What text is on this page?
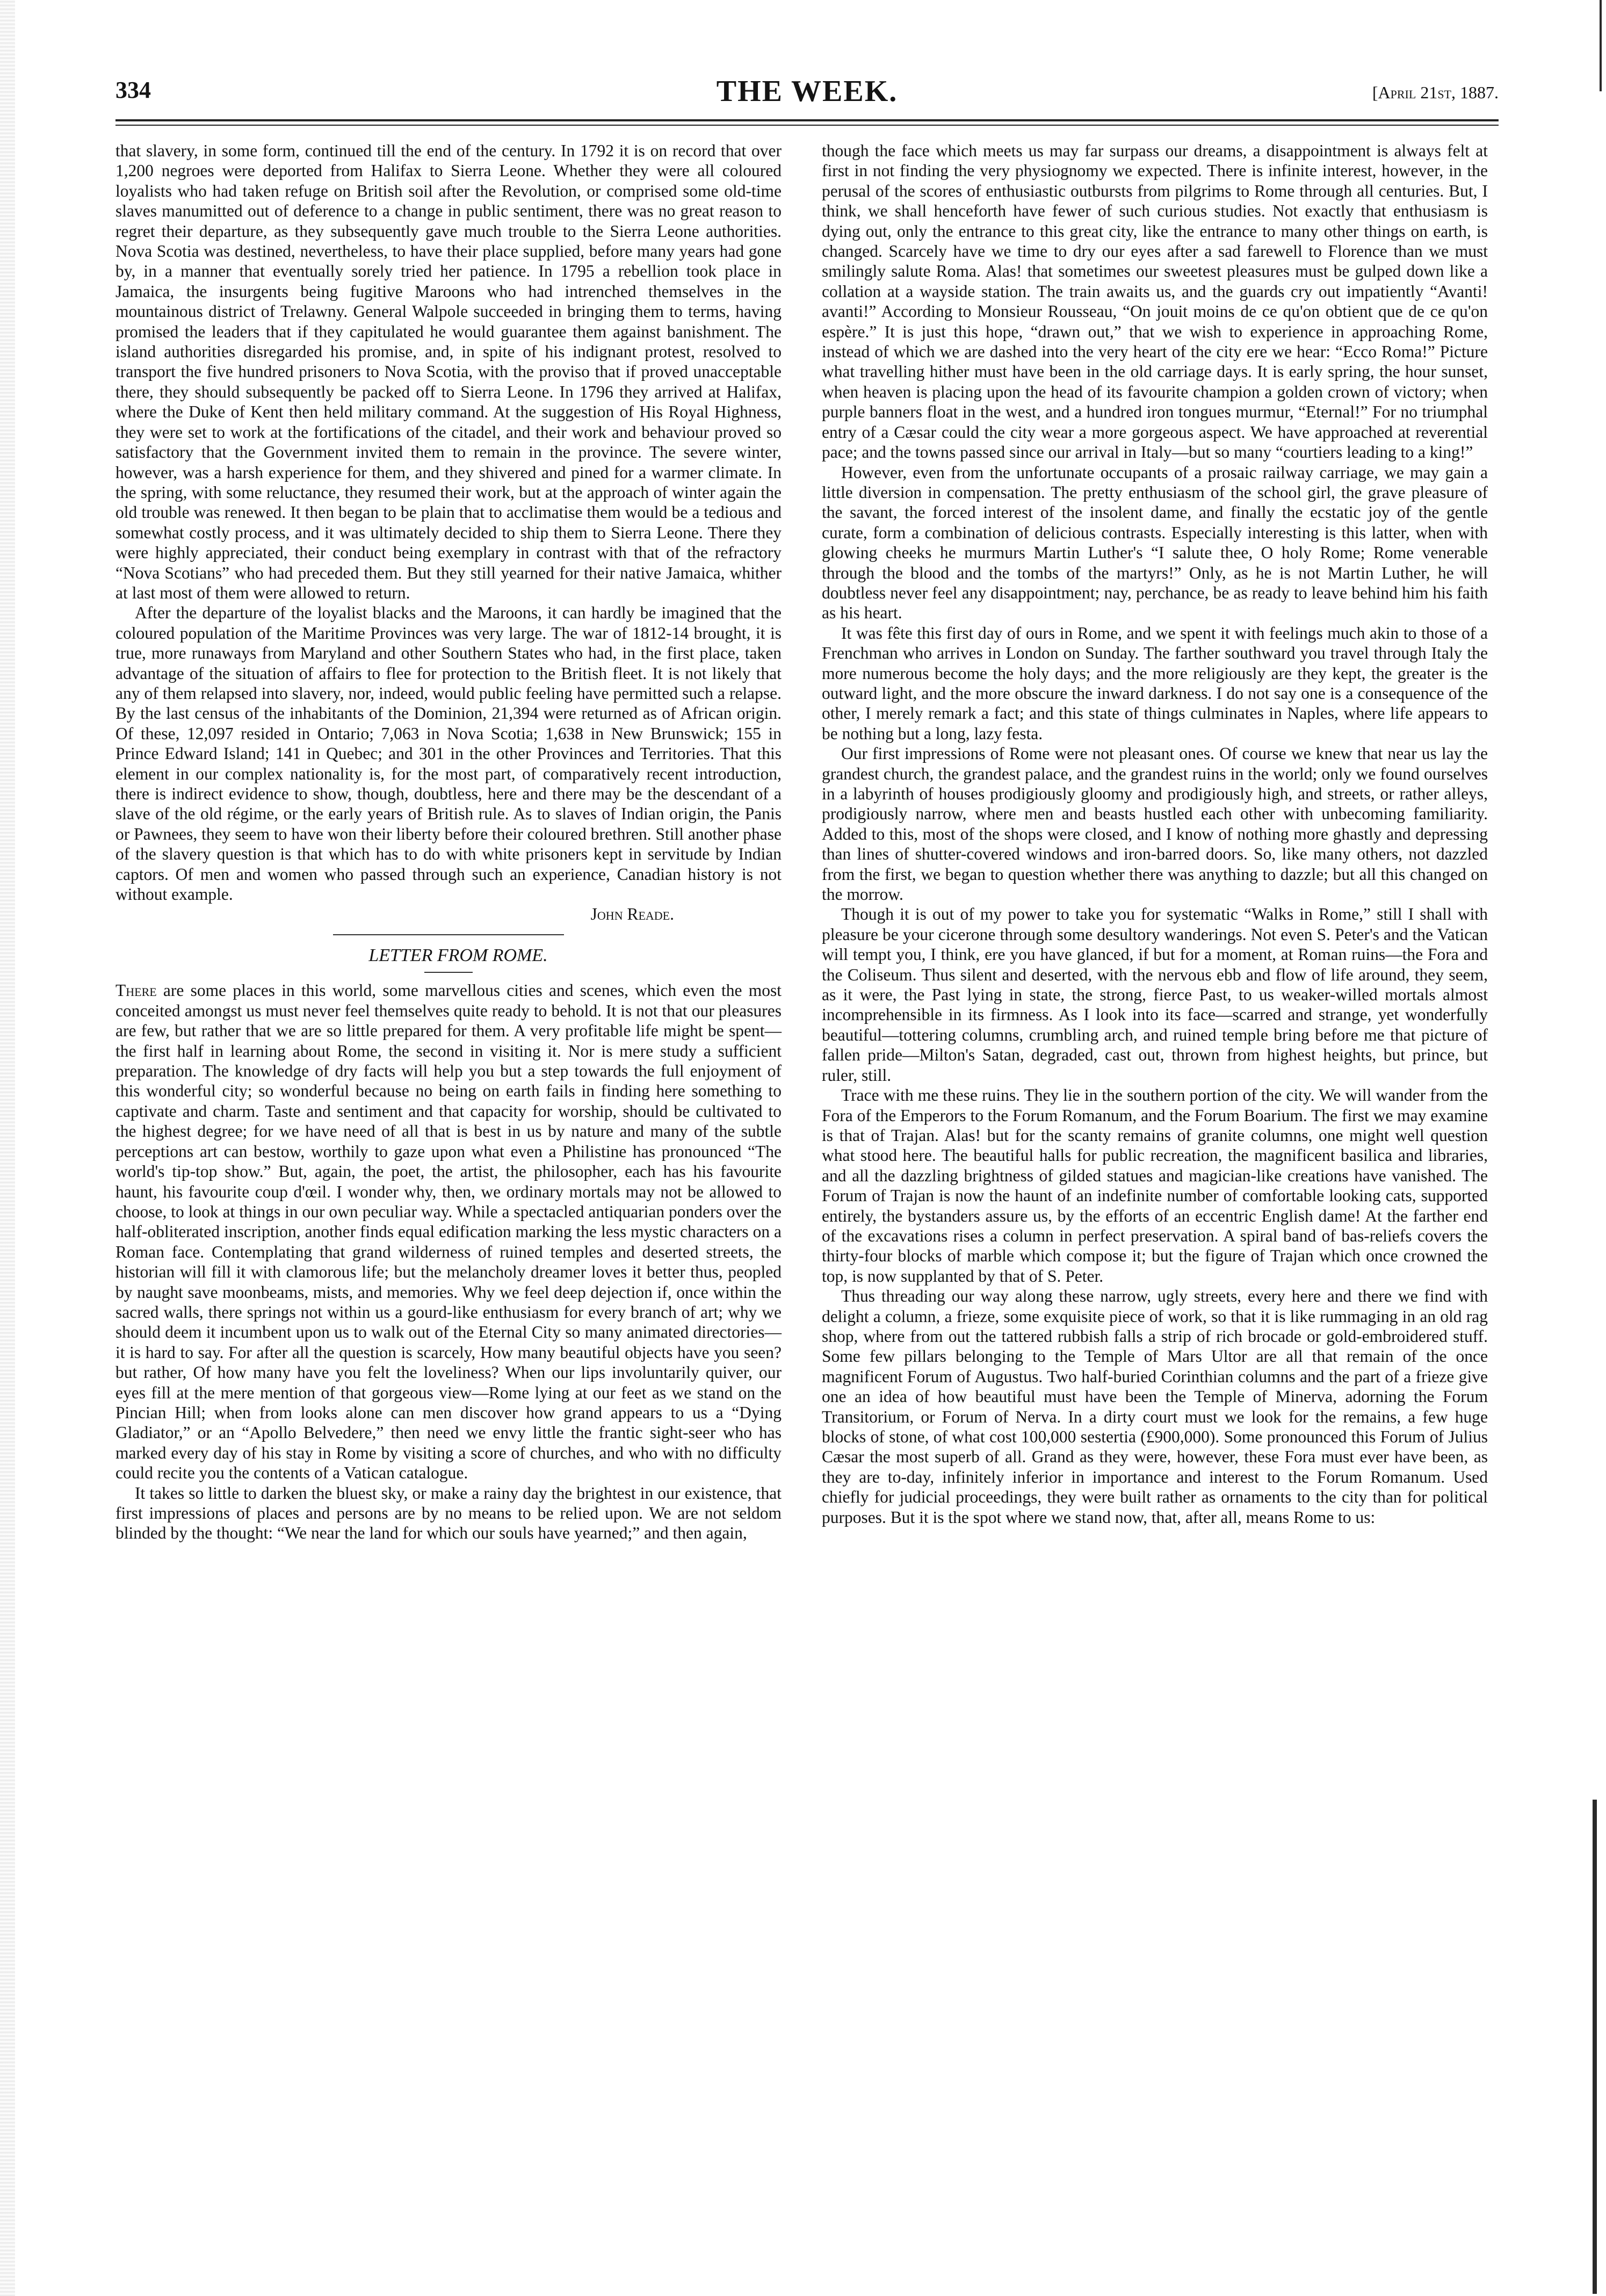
334	THE WEEK.	[April 21st, 1887.

that slavery, in some form, continued till the end of the century. In 1792 it is on record that over 1,200 negroes were deported from Halifax to Sierra Leone. Whether they were all coloured loyalists who had taken refuge on British soil after the Revolution, or comprised some old-time slaves manumitted out of deference to a change in public sentiment, there was no great reason to regret their departure, as they subsequently gave much trouble to the Sierra Leone authorities. Nova Scotia was destined, nevertheless, to have their place supplied, before many years had gone by, in a manner that eventually sorely tried her patience. In 1795 a rebellion took place in Jamaica, the insurgents being fugitive Maroons who had intrenched themselves in the mountainous district of Trelawny. General Walpole succeeded in bringing them to terms, having promised the leaders that if they capitulated he would guarantee them against banishment. The island authorities disregarded his promise, and, in spite of his indignant protest, resolved to transport the five hundred prisoners to Nova Scotia, with the proviso that if proved unacceptable there, they should subsequently be packed off to Sierra Leone. In 1796 they arrived at Halifax, where the Duke of Kent then held military command. At the suggestion of His Royal Highness, they were set to work at the fortifications of the citadel, and their work and behaviour proved so satisfactory that the Government invited them to remain in the province. The severe winter, however, was a harsh experience for them, and they shivered and pined for a warmer climate. In the spring, with some reluctance, they resumed their work, but at the approach of winter again the old trouble was renewed. It then began to be plain that to acclimatise them would be a tedious and somewhat costly process, and it was ultimately decided to ship them to Sierra Leone. There they were highly appreciated, their conduct being exemplary in contrast with that of the refractory “Nova Scotians” who had preceded them. But they still yearned for their native Jamaica, whither at last most of them were allowed to return.

After the departure of the loyalist blacks and the Maroons, it can hardly be imagined that the coloured population of the Maritime Provinces was very large. The war of 1812-14 brought, it is true, more runaways from Maryland and other Southern States who had, in the first place, taken advantage of the situation of affairs to flee for protection to the British fleet. It is not likely that any of them relapsed into slavery, nor, indeed, would public feeling have permitted such a relapse. By the last census of the inhabitants of the Dominion, 21,394 were returned as of African origin. Of these, 12,097 resided in Ontario; 7,063 in Nova Scotia; 1,638 in New Brunswick; 155 in Prince Edward Island; 141 in Quebec; and 301 in the other Provinces and Territories. That this element in our complex nationality is, for the most part, of comparatively recent introduction, there is indirect evidence to show, though, doubtless, here and there may be the descendant of a slave of the old régime, or the early years of British rule. As to slaves of Indian origin, the Panis or Pawnees, they seem to have won their liberty before their coloured brethren. Still another phase of the slavery question is that which has to do with white prisoners kept in servitude by Indian captors. Of men and women who passed through such an experience, Canadian history is not without example.

John Reade.

LETTER FROM ROME.

There are some places in this world, some marvellous cities and scenes, which even the most conceited amongst us must never feel themselves quite ready to behold. It is not that our pleasures are few, but rather that we are so little prepared for them. A very profitable life might be spent—the first half in learning about Rome, the second in visiting it. Nor is mere study a sufficient preparation. The knowledge of dry facts will help you but a step towards the full enjoyment of this wonderful city; so wonderful because no being on earth fails in finding here something to captivate and charm. Taste and sentiment and that capacity for worship, should be cultivated to the highest degree; for we have need of all that is best in us by nature and many of the subtle perceptions art can bestow, worthily to gaze upon what even a Philistine has pronounced “The world's tip-top show.” But, again, the poet, the artist, the philosopher, each has his favourite haunt, his favourite coup d'œil. I wonder why, then, we ordinary mortals may not be allowed to choose, to look at things in our own peculiar way. While a spectacled antiquarian ponders over the half-obliterated inscription, another finds equal edification marking the less mystic characters on a Roman face. Contemplating that grand wilderness of ruined temples and deserted streets, the historian will fill it with clamorous life; but the melancholy dreamer loves it better thus, peopled by naught save moonbeams, mists, and memories. Why we feel deep dejection if, once within the sacred walls, there springs not within us a gourd-like enthusiasm for every branch of art; why we should deem it incumbent upon us to walk out of the Eternal City so many animated directories—it is hard to say. For after all the question is scarcely, How many beautiful objects have you seen? but rather, Of how many have you felt the loveliness? When our lips involuntarily quiver, our eyes fill at the mere mention of that gorgeous view—Rome lying at our feet as we stand on the Pincian Hill; when from looks alone can men discover how grand appears to us a “Dying Gladiator,” or an “Apollo Belvedere,” then need we envy little the frantic sight-seer who has marked every day of his stay in Rome by visiting a score of churches, and who with no difficulty could recite you the contents of a Vatican catalogue.

It takes so little to darken the bluest sky, or make a rainy day the brightest in our existence, that first impressions of places and persons are by no means to be relied upon. We are not seldom blinded by the thought: “We near the land for which our souls have yearned;” and then again,

though the face which meets us may far surpass our dreams, a disappointment is always felt at first in not finding the very physiognomy we expected. There is infinite interest, however, in the perusal of the scores of enthusiastic outbursts from pilgrims to Rome through all centuries. But, I think, we shall henceforth have fewer of such curious studies. Not exactly that enthusiasm is dying out, only the entrance to this great city, like the entrance to many other things on earth, is changed. Scarcely have we time to dry our eyes after a sad farewell to Florence than we must smilingly salute Roma. Alas! that sometimes our sweetest pleasures must be gulped down like a collation at a wayside station. The train awaits us, and the guards cry out impatiently “Avanti! avanti!” According to Monsieur Rousseau, “On jouit moins de ce qu'on obtient que de ce qu'on espère.” It is just this hope, “drawn out,” that we wish to experience in approaching Rome, instead of which we are dashed into the very heart of the city ere we hear: “Ecco Roma!” Picture what travelling hither must have been in the old carriage days. It is early spring, the hour sunset, when heaven is placing upon the head of its favourite champion a golden crown of victory; when purple banners float in the west, and a hundred iron tongues murmur, “Eternal!” For no triumphal entry of a Cæsar could the city wear a more gorgeous aspect. We have approached at reverential pace; and the towns passed since our arrival in Italy—but so many “courtiers leading to a king!”

However, even from the unfortunate occupants of a prosaic railway carriage, we may gain a little diversion in compensation. The pretty enthusiasm of the school girl, the grave pleasure of the savant, the forced interest of the insolent dame, and finally the ecstatic joy of the gentle curate, form a combination of delicious contrasts. Especially interesting is this latter, when with glowing cheeks he murmurs Martin Luther's “I salute thee, O holy Rome; Rome venerable through the blood and the tombs of the martyrs!” Only, as he is not Martin Luther, he will doubtless never feel any disappointment; nay, perchance, be as ready to leave behind him his faith as his heart.

It was fête this first day of ours in Rome, and we spent it with feelings much akin to those of a Frenchman who arrives in London on Sunday. The farther southward you travel through Italy the more numerous become the holy days; and the more religiously are they kept, the greater is the outward light, and the more obscure the inward darkness. I do not say one is a consequence of the other, I merely remark a fact; and this state of things culminates in Naples, where life appears to be nothing but a long, lazy festa.

Our first impressions of Rome were not pleasant ones. Of course we knew that near us lay the grandest church, the grandest palace, and the grandest ruins in the world; only we found ourselves in a labyrinth of houses prodigiously gloomy and prodigiously high, and streets, or rather alleys, prodigiously narrow, where men and beasts hustled each other with unbecoming familiarity. Added to this, most of the shops were closed, and I know of nothing more ghastly and depressing than lines of shutter-covered windows and iron-barred doors. So, like many others, not dazzled from the first, we began to question whether there was anything to dazzle; but all this changed on the morrow.

Though it is out of my power to take you for systematic “Walks in Rome,” still I shall with pleasure be your cicerone through some desultory wanderings. Not even S. Peter's and the Vatican will tempt you, I think, ere you have glanced, if but for a moment, at Roman ruins—the Fora and the Coliseum. Thus silent and deserted, with the nervous ebb and flow of life around, they seem, as it were, the Past lying in state, the strong, fierce Past, to us weaker-willed mortals almost incomprehensible in its firmness. As I look into its face—scarred and strange, yet wonderfully beautiful—tottering columns, crumbling arch, and ruined temple bring before me that picture of fallen pride—Milton's Satan, degraded, cast out, thrown from highest heights, but prince, but ruler, still.

Trace with me these ruins. They lie in the southern portion of the city. We will wander from the Fora of the Emperors to the Forum Romanum, and the Forum Boarium. The first we may examine is that of Trajan. Alas! but for the scanty remains of granite columns, one might well question what stood here. The beautiful halls for public recreation, the magnificent basilica and libraries, and all the dazzling brightness of gilded statues and magician-like creations have vanished. The Forum of Trajan is now the haunt of an indefinite number of comfortable looking cats, supported entirely, the bystanders assure us, by the efforts of an eccentric English dame! At the farther end of the excavations rises a column in perfect preservation. A spiral band of bas-reliefs covers the thirty-four blocks of marble which compose it; but the figure of Trajan which once crowned the top, is now supplanted by that of S. Peter.

Thus threading our way along these narrow, ugly streets, every here and there we find with delight a column, a frieze, some exquisite piece of work, so that it is like rummaging in an old rag shop, where from out the tattered rubbish falls a strip of rich brocade or gold-embroidered stuff. Some few pillars belonging to the Temple of Mars Ultor are all that remain of the once magnificent Forum of Augustus. Two half-buried Corinthian columns and the part of a frieze give one an idea of how beautiful must have been the Temple of Minerva, adorning the Forum Transitorium, or Forum of Nerva. In a dirty court must we look for the remains, a few huge blocks of stone, of what cost 100,000 sestertia (£900,000). Some pronounced this Forum of Julius Cæsar the most superb of all. Grand as they were, however, these Fora must ever have been, as they are to-day, infinitely inferior in importance and interest to the Forum Romanum. Used chiefly for judicial proceedings, they were built rather as ornaments to the city than for political purposes. But it is the spot where we stand now, that, after all, means Rome to us:
